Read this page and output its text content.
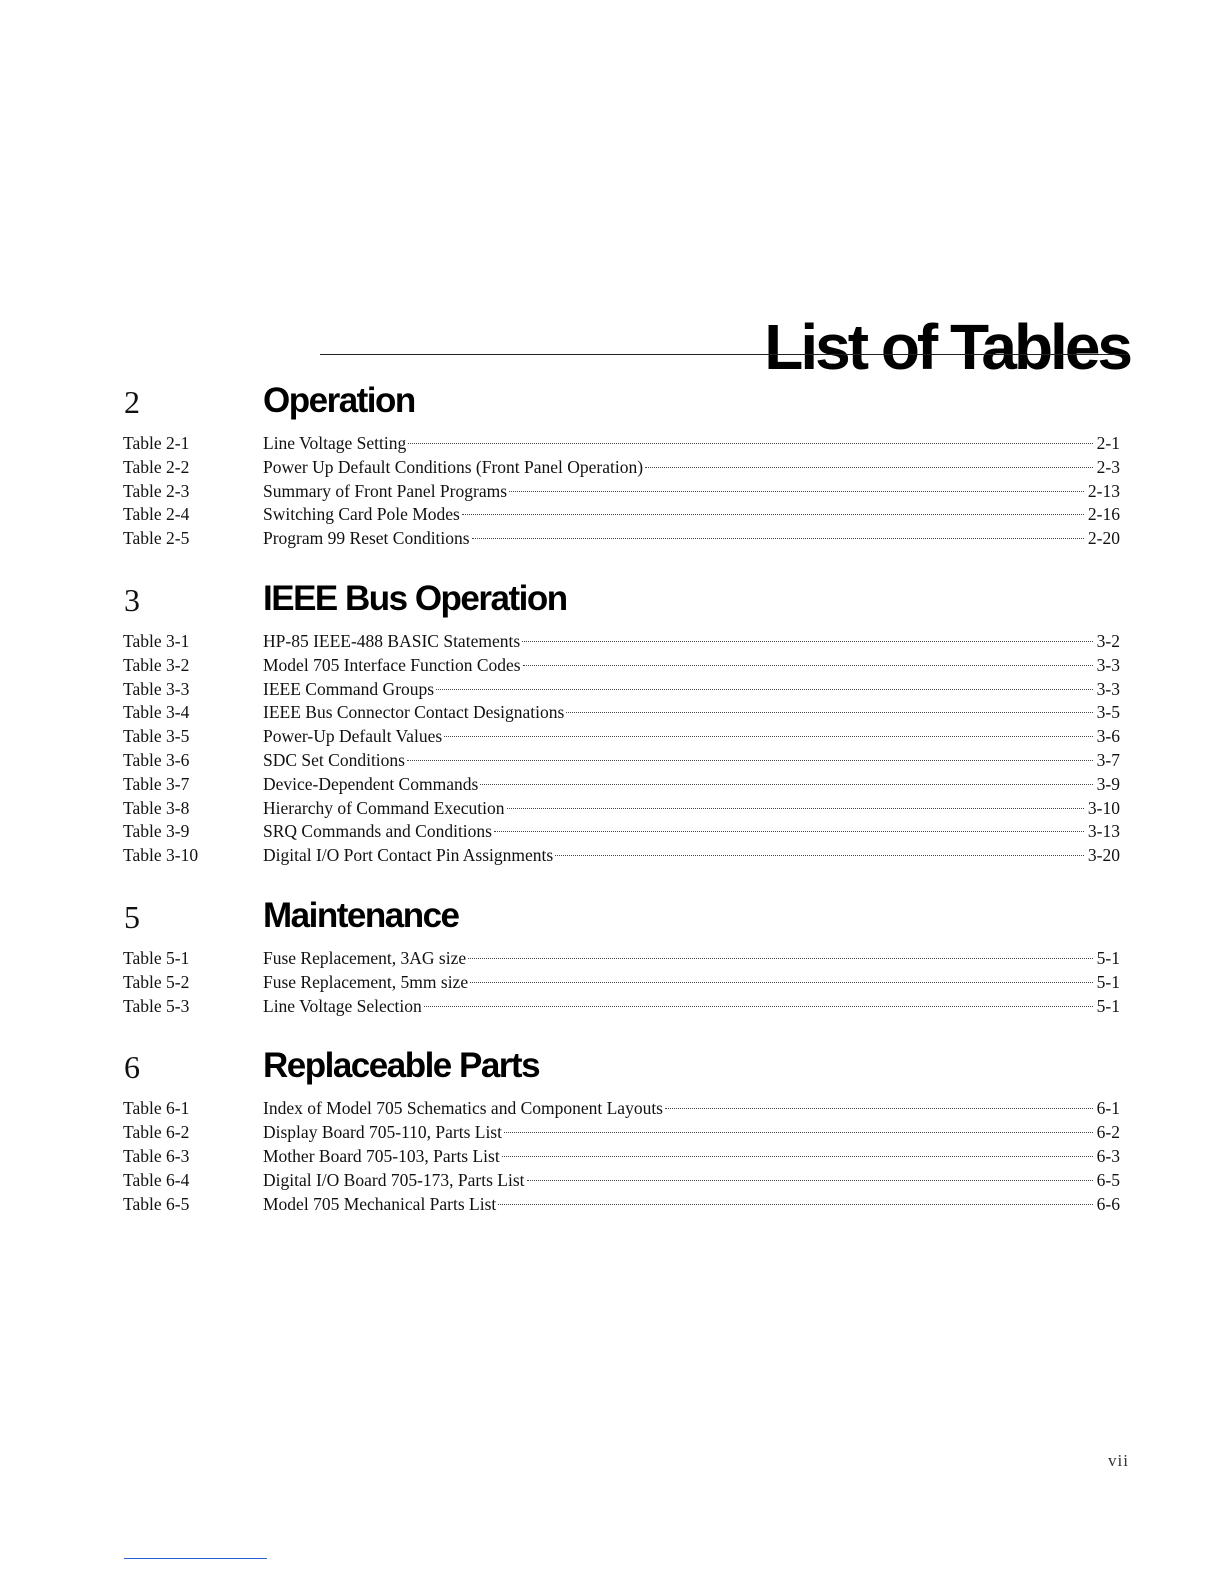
List of Tables
2	Operation
Table 2-1	Line Voltage Setting	2-1
Table 2-2	Power Up Default Conditions (Front Panel Operation)	2-3
Table 2-3	Summary of Front Panel Programs	2-13
Table 2-4	Switching Card Pole Modes	2-16
Table 2-5	Program 99 Reset Conditions	2-20
3	IEEE Bus Operation
Table 3-1	HP-85 IEEE-488 BASIC Statements	3-2
Table 3-2	Model 705 Interface Function Codes	3-3
Table 3-3	IEEE Command Groups	3-3
Table 3-4	IEEE Bus Connector Contact Designations	3-5
Table 3-5	Power-Up Default Values	3-6
Table 3-6	SDC Set Conditions	3-7
Table 3-7	Device-Dependent Commands	3-9
Table 3-8	Hierarchy of Command Execution	3-10
Table 3-9	SRQ Commands and Conditions	3-13
Table 3-10	Digital I/O Port Contact Pin Assignments	3-20
5	Maintenance
Table 5-1	Fuse Replacement, 3AG size	5-1
Table 5-2	Fuse Replacement, 5mm size	5-1
Table 5-3	Line Voltage Selection	5-1
6	Replaceable Parts
Table 6-1	Index of Model 705 Schematics and Component Layouts	6-1
Table 6-2	Display Board 705-110, Parts List	6-2
Table 6-3	Mother Board 705-103, Parts List	6-3
Table 6-4	Digital I/O Board 705-173, Parts List	6-5
Table 6-5	Model 705 Mechanical Parts List	6-6
vii
